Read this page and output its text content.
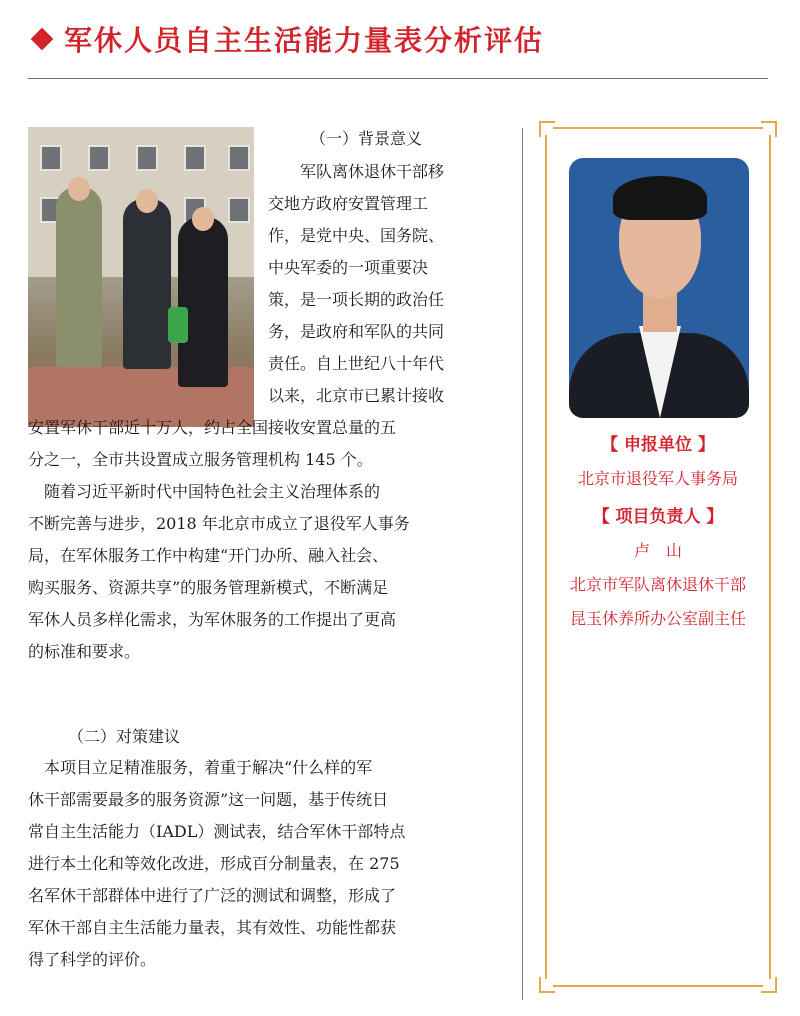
军休人员自主生活能力量表分析评估
（一）背景意义

军队离休退休干部移

交地方政府安置管理工

作，是党中央、国务院、

中央军委的一项重要决

策，是一项长期的政治任

务，是政府和军队的共同

责任。自上世纪八十年代

以来，北京市已累计接收

安置军休干部近十万人，约占全国接收安置总量的五

分之一，全市共设置成立服务管理机构 145 个。

　随着习近平新时代中国特色社会主义治理体系的

不断完善与进步，2018 年北京市成立了退役军人事务

局，在军休服务工作中构建“开门办所、融入社会、

购买服务、资源共享”的服务管理新模式，不断满足

军休人员多样化需求，为军休服务的工作提出了更高

的标准和要求。

（二）对策建议

　本项目立足精准服务，着重于解决“什么样的军

休干部需要最多的服务资源”这一问题，基于传统日

常自主生活能力（IADL）测试表，结合军休干部特点

进行本土化和等效化改进，形成百分制量表，在 275

名军休干部群体中进行了广泛的测试和调整，形成了

军休干部自主生活能力量表，其有效性、功能性都获

得了科学的评价。

【 申报单位 】
北京市退役军人事务局
【 项目负责人 】
卢　山
北京市军队离休退休干部
昆玉休养所办公室副主任
